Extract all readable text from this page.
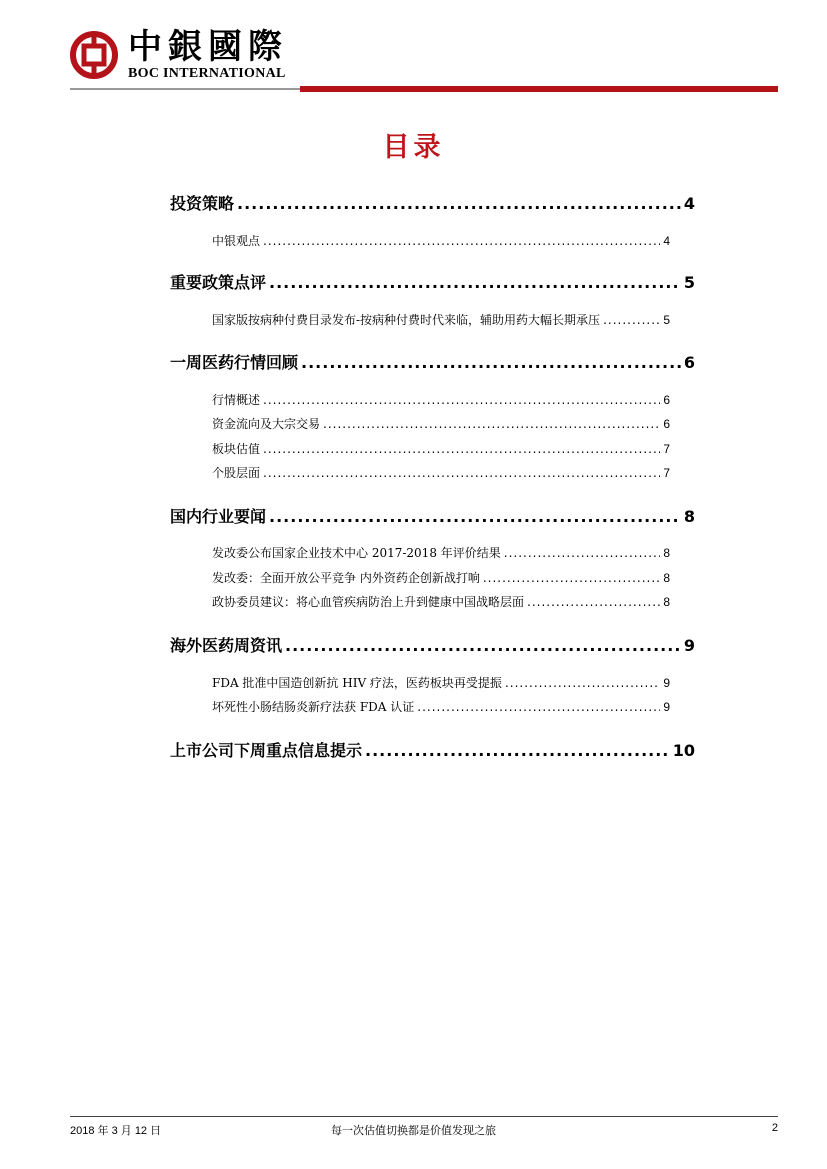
中銀國際
BOC INTERNATIONAL
目录
投资策略 .....	4
中银观点 .....	4
重要政策点评 .....	5
国家版按病种付费目录发布-按病种付费时代来临，辅助用药大幅长期承压 .....	5
一周医药行情回顾 .....	6
行情概述 .....	6
资金流向及大宗交易 .....	6
板块估值 .....	7
个股层面 .....	7
国内行业要闻 .....	8
发改委公布国家企业技术中心 2017-2018 年评价结果 .....	8
发改委：全面开放公平竞争 内外资药企创新战打响 .....	8
政协委员建议：将心血管疾病防治上升到健康中国战略层面 .....	8
海外医药周资讯 .....	9
FDA 批准中国造创新抗 HIV 疗法，医药板块再受提振 .....	9
坏死性小肠结肠炎新疗法获 FDA 认证 .....	9
上市公司下周重点信息提示 .....	10
2018 年 3 月 12 日	每一次估值切换都是价值发现之旅	2
